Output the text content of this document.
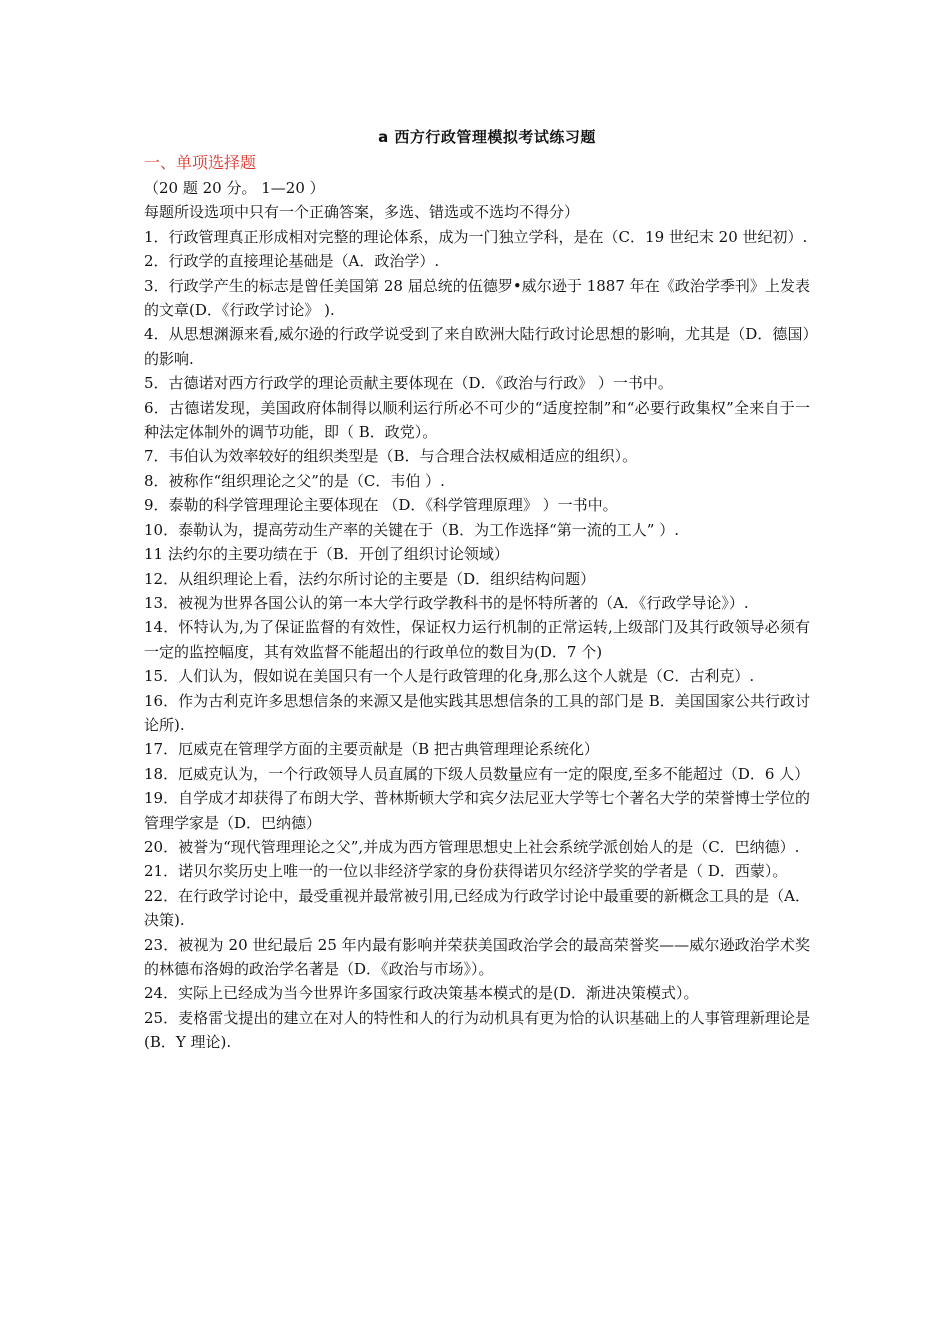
a 西方行政管理模拟考试练习题

一、单项选择题

（20 题 20 分。 1—20 ）

每题所设选项中只有一个正确答案，多选、错选或不选均不得分）

1．行政管理真正形成相对完整的理论体系，成为一门独立学科，是在（C．19 世纪末 20 世纪初）.
2．行政学的直接理论基础是（A．政治学）.
3．行政学产生的标志是曾任美国第 28 届总统的伍德罗•威尔逊于 1887 年在《政治学季刊》上发表的文章(D．《行政学讨论》 ).
4．从思想渊源来看,威尔逊的行政学说受到了来自欧洲大陆行政讨论思想的影响，尤其是（D．德国）的影响.
5．古德诺对西方行政学的理论贡献主要体现在（D．《政治与行政》 ）一书中。
6．古德诺发现，美国政府体制得以顺利运行所必不可少的“适度控制”和“必要行政集权”全来自于一种法定体制外的调节功能，即（ B．政党）。
7．韦伯认为效率较好的组织类型是（B．与合理合法权威相适应的组织）。
8．被称作“组织理论之父”的是（C．韦伯 ）.
9．泰勒的科学管理理论主要体现在 （D．《科学管理原理》 ）一书中。
10．泰勒认为，提高劳动生产率的关键在于（B．为工作选择“第一流的工人” ）.
11 法约尔的主要功绩在于（B．开创了组织讨论领域）
12．从组织理论上看，法约尔所讨论的主要是（D．组织结构问题）
13．被视为世界各国公认的第一本大学行政学教科书的是怀特所著的（A．《行政学导论》）.
14．怀特认为,为了保证监督的有效性，保证权力运行机制的正常运转,上级部门及其行政领导必须有一定的监控幅度，其有效监督不能超出的行政单位的数目为(D．7 个)
15．人们认为，假如说在美国只有一个人是行政管理的化身,那么这个人就是（C．古利克）.
16．作为古利克许多思想信条的来源又是他实践其思想信条的工具的部门是 B．美国国家公共行政讨论所).
17．厄威克在管理学方面的主要贡献是（B 把古典管理理论系统化）
18．厄威克认为，一个行政领导人员直属的下级人员数量应有一定的限度,至多不能超过（D．6 人）
19．自学成才却获得了布朗大学、普林斯顿大学和宾夕法尼亚大学等七个著名大学的荣誉博士学位的管理学家是（D．巴纳德）
20．被誉为“现代管理理论之父”,并成为西方管理思想史上社会系统学派创始人的是（C．巴纳德）.
21．诺贝尔奖历史上唯一的一位以非经济学家的身份获得诺贝尔经济学奖的学者是（ D．西蒙）。
22．在行政学讨论中，最受重视并最常被引用,已经成为行政学讨论中最重要的新概念工具的是（A．决策).
23．被视为 20 世纪最后 25 年内最有影响并荣获美国政治学会的最高荣誉奖——威尔逊政治学术奖的林德布洛姆的政治学名著是（D．《政治与市场》）。
24．实际上已经成为当今世界许多国家行政决策基本模式的是(D．渐进决策模式）。
25．麦格雷戈提出的建立在对人的特性和人的行为动机具有更为恰的认识基础上的人事管理新理论是(B．Y 理论).
